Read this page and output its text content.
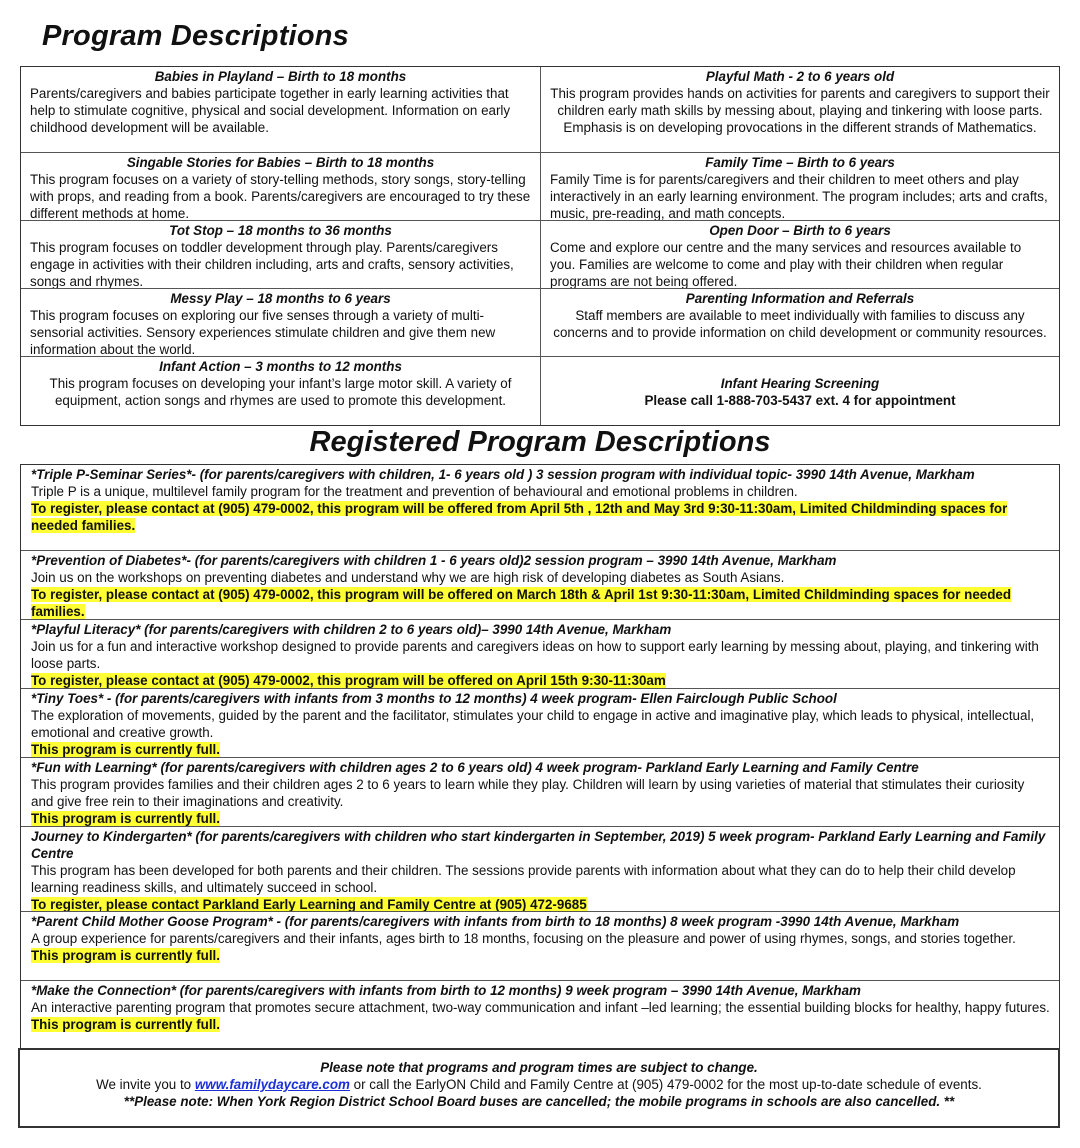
Program Descriptions
Babies in Playland – Birth to 18 months
Parents/caregivers and babies participate together in early learning activities that help to stimulate cognitive, physical and social development. Information on early childhood development will be available.
Playful Math - 2 to 6 years old
This program provides hands on activities for parents and caregivers to support their children early math skills by messing about, playing and tinkering with loose parts. Emphasis is on developing provocations in the different strands of Mathematics.
Singable Stories for Babies – Birth to 18 months
This program focuses on a variety of story-telling methods, story songs, story-telling with props, and reading from a book. Parents/caregivers are encouraged to try these different methods at home.
Family Time – Birth to 6 years
Family Time is for parents/caregivers and their children to meet others and play interactively in an early learning environment. The program includes; arts and crafts, music, pre-reading, and math concepts.
Tot Stop – 18 months to 36 months
This program focuses on toddler development through play. Parents/caregivers engage in activities with their children including, arts and crafts, sensory activities, songs and rhymes.
Open Door – Birth to 6 years
Come and explore our centre and the many services and resources available to you. Families are welcome to come and play with their children when regular programs are not being offered.
Messy Play – 18 months to 6 years
This program focuses on exploring our five senses through a variety of multi-sensorial activities. Sensory experiences stimulate children and give them new information about the world.
Parenting Information and Referrals
Staff members are available to meet individually with families to discuss any concerns and to provide information on child development or community resources.
Infant Action – 3 months to 12 months
This program focuses on developing your infant’s large motor skill. A variety of equipment, action songs and rhymes are used to promote this development.
Infant Hearing Screening
Please call 1-888-703-5437 ext. 4 for appointment
Registered Program Descriptions
*Triple P-Seminar Series*- (for parents/caregivers with children, 1- 6 years old ) 3 session program with individual topic- 3990 14th Avenue, Markham
Triple P is a unique, multilevel family program for the treatment and prevention of behavioural and emotional problems in children.
To register, please contact at (905) 479-0002, this program will be offered from April 5th , 12th and May 3rd 9:30-11:30am, Limited Childminding spaces for needed families.
*Prevention of Diabetes*- (for parents/caregivers with children 1 - 6 years old)2 session program – 3990 14th Avenue, Markham
Join us on the workshops on preventing diabetes and understand why we are high risk of developing diabetes as South Asians.
To register, please contact at (905) 479-0002, this program will be offered on March 18th & April 1st 9:30-11:30am, Limited Childminding spaces for needed families.
*Playful Literacy* (for parents/caregivers with children 2 to 6 years old)– 3990 14th Avenue, Markham
Join us for a fun and interactive workshop designed to provide parents and caregivers ideas on how to support early learning by messing about, playing, and tinkering with loose parts.
To register, please contact at (905) 479-0002, this program will be offered on April 15th 9:30-11:30am
*Tiny Toes* - (for parents/caregivers with infants from 3 months to 12 months) 4 week program- Ellen Fairclough Public School
The exploration of movements, guided by the parent and the facilitator, stimulates your child to engage in active and imaginative play, which leads to physical, intellectual, emotional and creative growth.
This program is currently full.
*Fun with Learning* (for parents/caregivers with children ages 2 to 6 years old) 4 week program- Parkland Early Learning and Family Centre
This program provides families and their children ages 2 to 6 years to learn while they play. Children will learn by using varieties of material that stimulates their curiosity and give free rein to their imaginations and creativity.
This program is currently full.
Journey to Kindergarten* (for parents/caregivers with children who start kindergarten in September, 2019) 5 week program- Parkland Early Learning and Family Centre
This program has been developed for both parents and their children. The sessions provide parents with information about what they can do to help their child develop learning readiness skills, and ultimately succeed in school.
To register, please contact Parkland Early Learning and Family Centre at (905) 472-9685
*Parent Child Mother Goose Program* - (for parents/caregivers with infants from birth to 18 months) 8 week program -3990 14th Avenue, Markham
A group experience for parents/caregivers and their infants, ages birth to 18 months, focusing on the pleasure and power of using rhymes, songs, and stories together.
This program is currently full.
*Make the Connection* (for parents/caregivers with infants from birth to 12 months) 9 week program – 3990 14th Avenue, Markham
An interactive parenting program that promotes secure attachment, two-way communication and infant –led learning; the essential building blocks for healthy, happy futures.
This program is currently full.
Please note that programs and program times are subject to change.
We invite you to www.familydaycare.com or call the EarlyON Child and Family Centre at (905) 479-0002 for the most up-to-date schedule of events.
**Please note: When York Region District School Board buses are cancelled; the mobile programs in schools are also cancelled. **
